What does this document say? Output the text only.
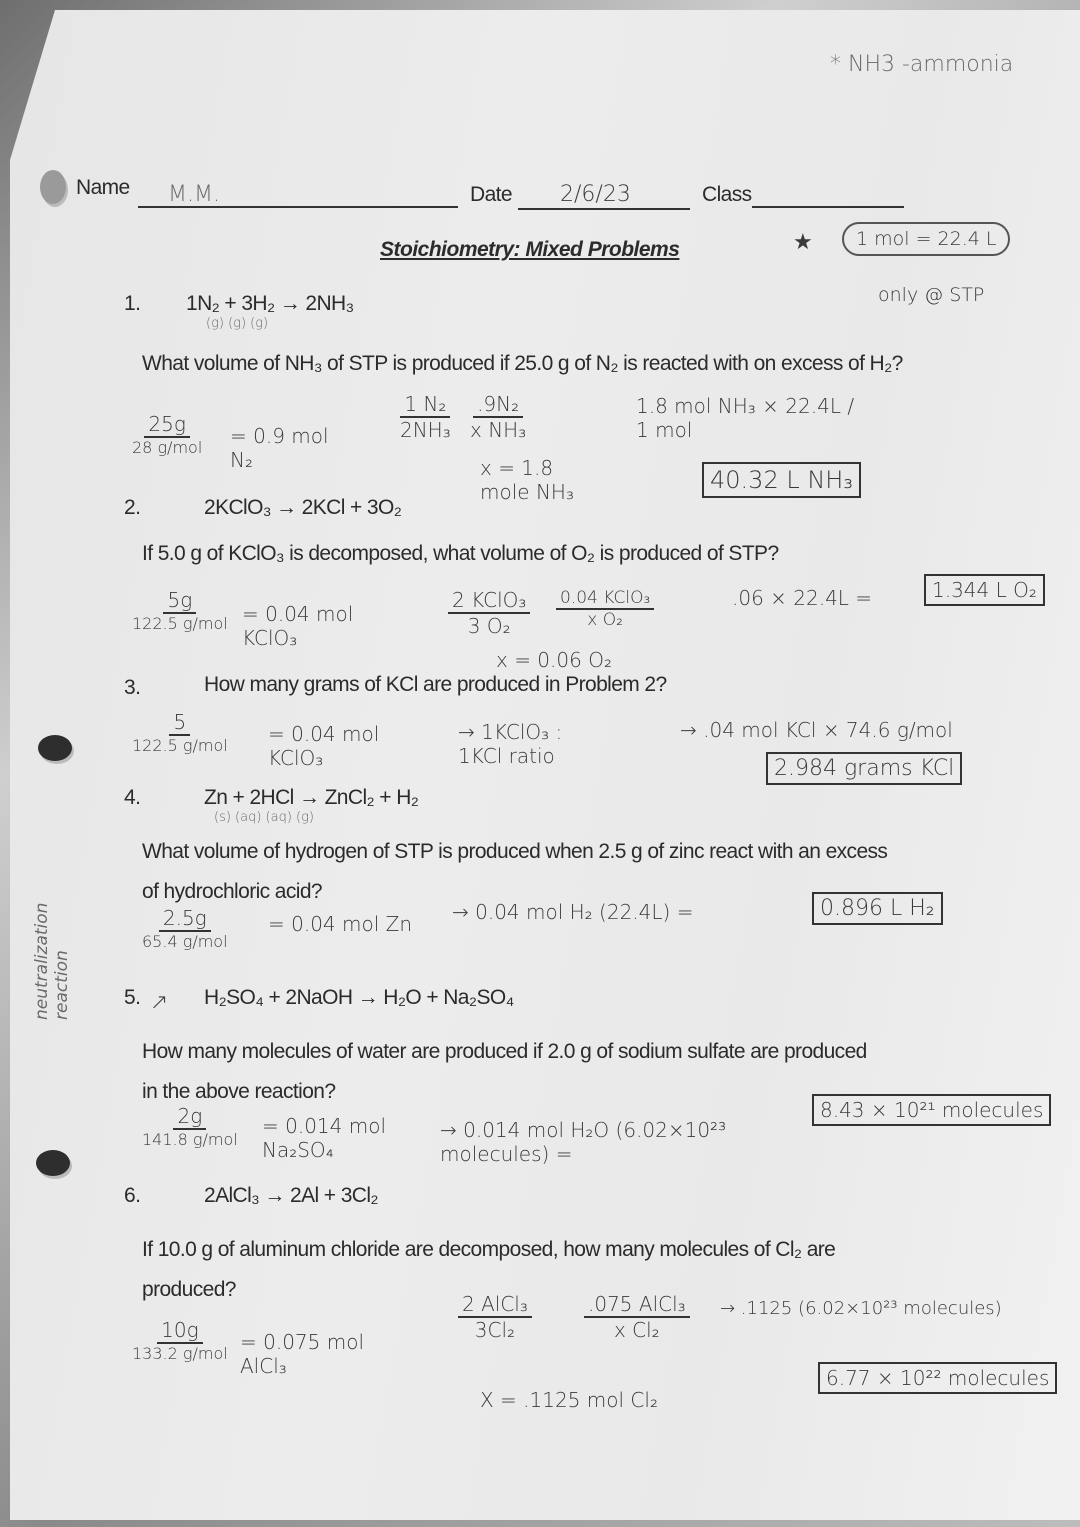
* NH3 -ammonia
Name	M.M.	Date	2/6/23	Class
Stoichiometry: Mixed Problems	★	1 mol = 22.4 L
only @ STP
neutralization reaction
1. 1N₂ + 3H₂ → 2NH₃
(g) (g) (g)
What volume of NH₃ of STP is produced if 25.0 g of N₂ is reacted with on excess of H₂?
25g
28 g/mol = 0.9 mol N₂
$\frac{\text{1 N₂}}{\text{2NH₃}} \frac{\text{.9N₂}}{\text{x NH₃}}$
x = 1.8 mole NH₃
1.8 mol NH₃ × 22.4L / 1 mol
40.32 L NH₃
2.	2KClO₃ → 2KCl + 3O₂
If 5.0 g of KClO₃ is decomposed, what volume of O₂ is produced of STP?
5g
122.5 g/mol = 0.04 mol KClO₃
2 KClO₃
3 O₂
0.04 KClO₃
x O₂
x = 0.06 O₂
.06 × 22.4L =	1.344 L O₂
3.	How many grams of KCl are produced in Problem 2?
5
122.5 g/mol = 0.04 mol KClO₃
→ 1KClO₃ : 1KCl ratio
→ .04 mol KCl × 74.6 g/mol
2.984 grams KCl
4.	Zn + 2HCl → ZnCl₂ + H₂
(s) (aq) (aq) (g)
What volume of hydrogen of STP is produced when 2.5 g of zinc react with an excess of hydrochloric acid?
2.5g
65.4 g/mol
= 0.04 mol Zn	→ 0.04 mol H₂ (22.4L) =	0.896 L H₂
5. ↗ H₂SO₄ + 2NaOH → H₂O + Na₂SO₄
How many molecules of water are produced if 2.0 g of sodium sulfate are produced in the above reaction?
2g
141.8 g/mol
= 0.014 mol Na₂SO₄
→ 0.014 mol H₂O (6.02×10²³ molecules) =
8.43 × 10²¹ molecules
6.	2AlCl₃ → 2Al + 3Cl₂
If 10.0 g of aluminum chloride are decomposed, how many molecules of Cl₂ are produced?
10g
133.2 g/mol = 0.075 mol AlCl₃
2 AlCl₃
3Cl₂
.075 AlCl₃
x Cl₂
X = .1125 mol Cl₂
→ .1125 (6.02×10²³ molecules)
6.77 × 10²² molecules
